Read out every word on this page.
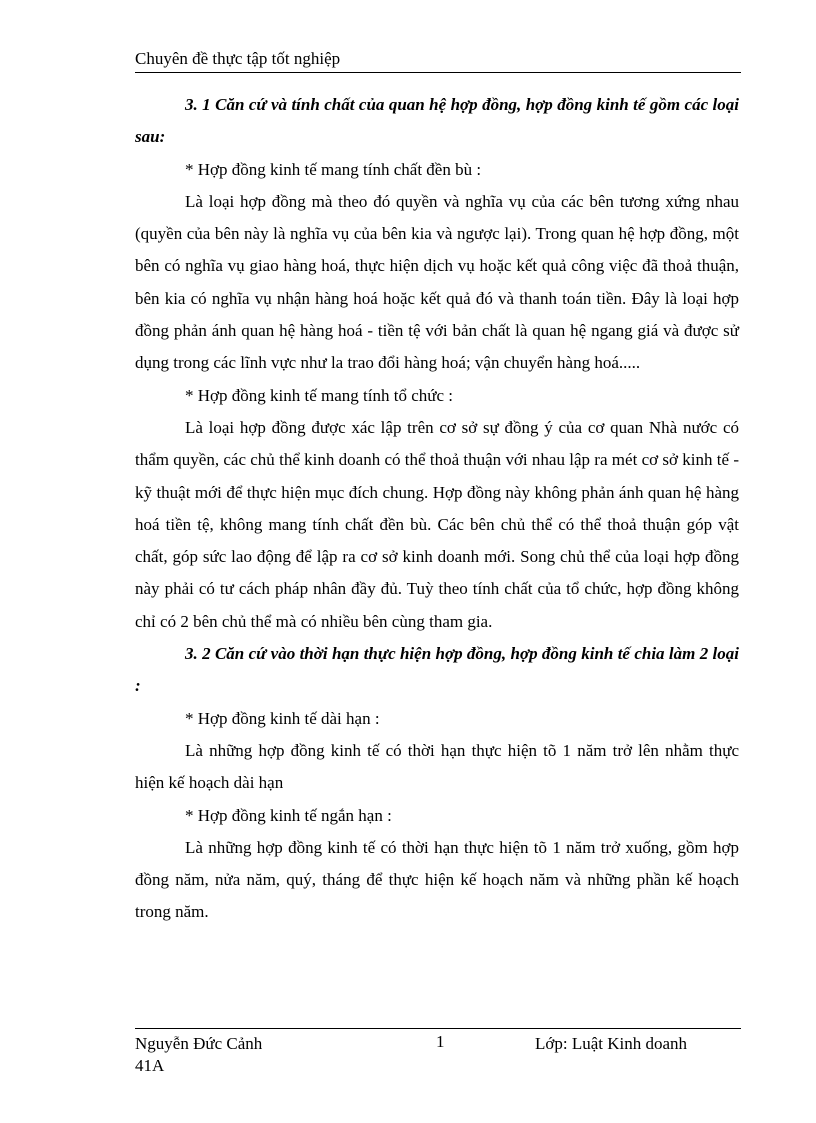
Chuyên đề thực tập tốt nghiệp

3. 1 Căn cứ và tính chất của quan hệ hợp đồng, hợp đồng kinh tế gồm các loại sau:

* Hợp đồng kinh tế mang tính chất đền bù :

Là loại hợp đồng mà theo đó quyền và nghĩa vụ của các bên tương xứng nhau (quyền của bên này là nghĩa vụ của bên kia và ngược lại). Trong quan hệ hợp đồng, một bên có nghĩa vụ giao hàng hoá, thực hiện dịch vụ hoặc kết quả công việc đã thoả thuận, bên kia có nghĩa vụ nhận hàng hoá hoặc kết quả đó và thanh toán tiền. Đây là loại hợp đồng phản ánh quan hệ hàng hoá - tiền tệ với bản chất là quan hệ ngang giá và được sử dụng trong các lĩnh vực như la trao đổi hàng hoá; vận chuyển hàng hoá.....

* Hợp đồng kinh tế mang tính tổ chức :

Là loại hợp đồng được xác lập trên cơ sở sự đồng ý của cơ quan Nhà nước có thẩm quyền, các chủ thể kinh doanh có thể thoả thuận với nhau lập ra mét cơ sở kinh tế - kỹ thuật mới để thực hiện mục đích chung. Hợp đồng này không phản ánh quan hệ hàng hoá tiền tệ, không mang tính chất đền bù. Các bên chủ thể có thể thoả thuận góp vật chất, góp sức lao động để lập ra cơ sở kinh doanh mới. Song chủ thể của loại hợp đồng này phải có tư cách pháp nhân đầy đủ. Tuỳ theo tính chất của tổ chức, hợp đồng không chỉ có 2 bên chủ thể mà có nhiều bên cùng tham gia.

3. 2 Căn cứ vào thời hạn thực hiện hợp đồng, hợp đồng kinh tế chia làm 2 loại :

* Hợp đồng kinh tế dài hạn :

Là những hợp đồng kinh tế có thời hạn thực hiện tõ 1 năm trở lên nhằm thực hiện kế hoạch dài hạn

* Hợp đồng kinh tế ngắn hạn :

Là những hợp đồng kinh tế có thời hạn thực hiện tõ 1 năm trở xuống, gồm hợp đồng năm, nửa năm, quý, tháng để thực hiện kế hoạch năm và những phần kế hoạch trong năm.

Nguyễn Đức Cảnh 41A
1	Lớp: Luật Kinh doanh
